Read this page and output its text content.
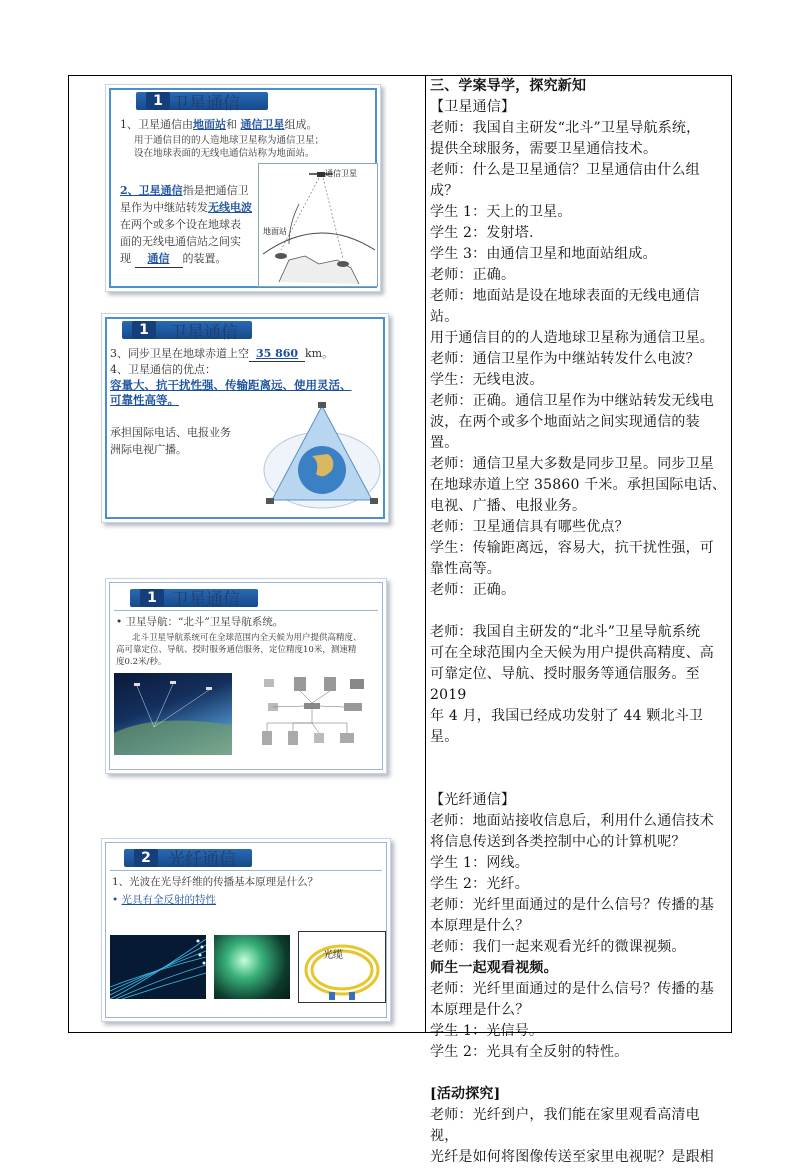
1 卫星通信
1、卫星通信由地面站和 通信卫星组成。
用于通信目的的人造地球卫星称为通信卫星；
设在地球表面的无线电通信站称为地面站。
2、卫星通信指是把通信卫
星作为中继站转发无线电波
在两个或多个设在地球表
面的无线电通信站之间实
现 通信 的装置。
通信卫星
地面站
1	卫星通信
3、同步卫星在地球赤道上空 35 860 km。
4、卫星通信的优点：
容量大、抗干扰性强、传输距离远、使用灵活、
可靠性高等。
承担国际电话、电报业务
洲际电视广播。
1 卫星通信
• 卫星导航：“北斗”卫星导航系统。
北斗卫星导航系统可在全球范围内全天候为用户提供高精度、
高可靠定位、导航、授时服务通信服务，定位精度10米，测速精
度0.2米/秒。
2	光纤通信
1、光波在光导纤维的传播基本原理是什么？
• 光具有全反射的特性
光缆

三、学案导学，探究新知

【卫星通信】

老师：我国自主研发“北斗”卫星导航系统，

提供全球服务，需要卫星通信技术。

老师：什么是卫星通信？卫星通信由什么组成？

学生 1：天上的卫星。

学生 2：发射塔.

学生 3：由通信卫星和地面站组成。

老师：正确。

老师：地面站是设在地球表面的无线电通信站。

用于通信目的的人造地球卫星称为通信卫星。

老师：通信卫星作为中继站转发什么电波？

学生：无线电波。

老师：正确。通信卫星作为中继站转发无线电

波，在两个或多个地面站之间实现通信的装置。

老师：通信卫星大多数是同步卫星。同步卫星

在地球赤道上空 35860 千米。承担国际电话、

电视、广播、电报业务。

老师：卫星通信具有哪些优点？

学生：传输距离远，容易大，抗干扰性强，可

靠性高等。

老师：正确。

老师：我国自主研发的“北斗”卫星导航系统

可在全球范围内全天候为用户提供高精度、高

可靠定位、导航、授时服务等通信服务。至 2019

年 4 月，我国已经成功发射了 44 颗北斗卫星。

【光纤通信】

老师：地面站接收信息后，利用什么通信技术

将信息传送到各类控制中心的计算机呢？

学生 1：网线。

学生 2：光纤。

老师：光纤里面通过的是什么信号？传播的基

本原理是什么？

老师：我们一起来观看光纤的微课视频。

师生一起观看视频。

老师：光纤里面通过的是什么信号？传播的基

本原理是什么？

学生 1：光信号。

学生 2：光具有全反射的特性。

[活动探究]

老师：光纤到户，我们能在家里观看高清电视，

光纤是如何将图像传送至家里电视呢？是跟相
